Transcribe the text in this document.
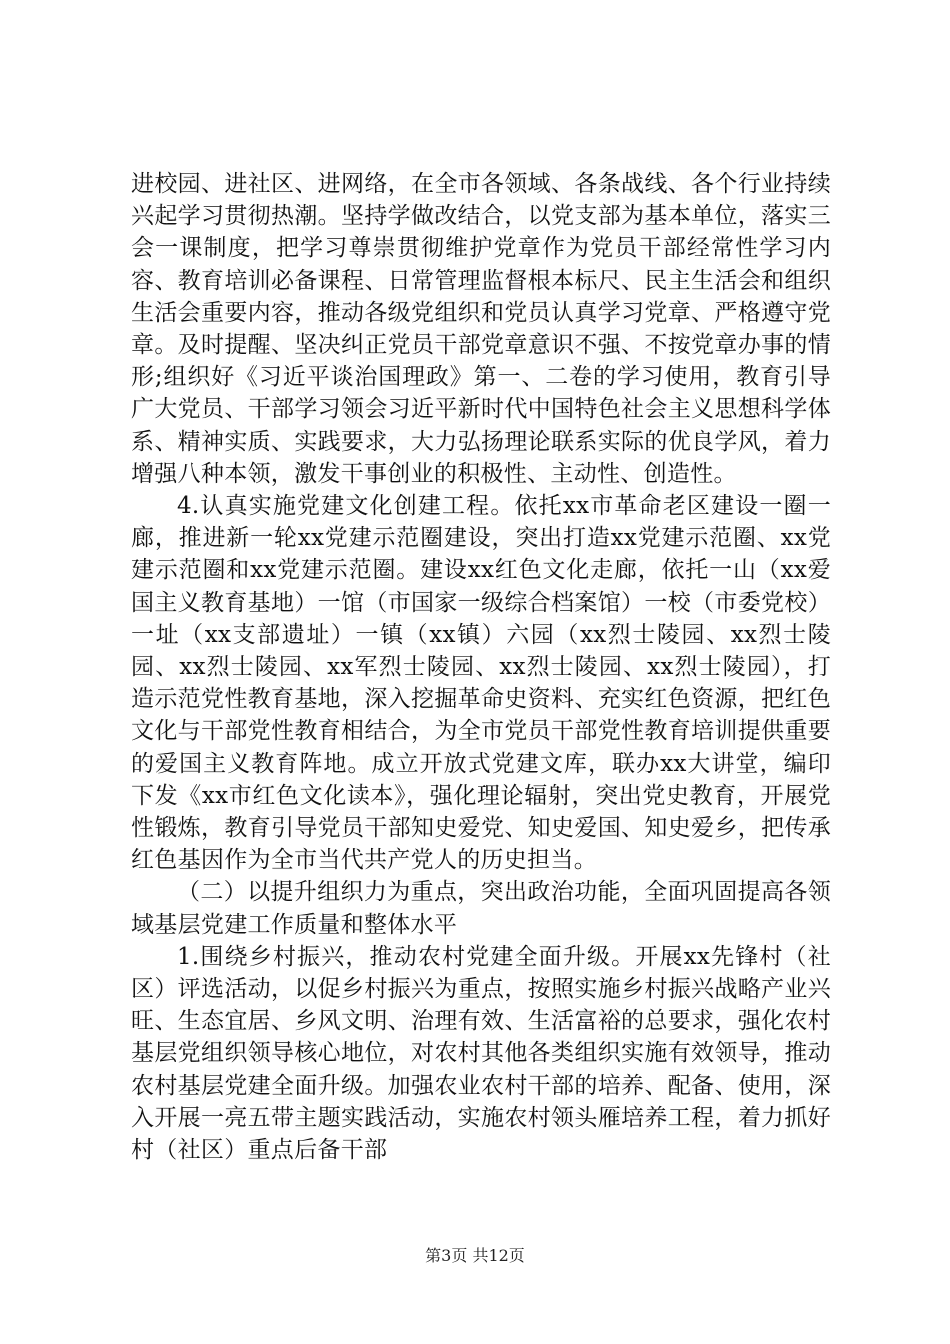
进校园、进社区、进网络，在全市各领域、各条战线、各个行业持续兴起学习贯彻热潮。坚持学做改结合，以党支部为基本单位，落实三会一课制度，把学习尊崇贯彻维护党章作为党员干部经常性学习内容、教育培训必备课程、日常管理监督根本标尺、民主生活会和组织生活会重要内容，推动各级党组织和党员认真学习党章、严格遵守党章。及时提醒、坚决纠正党员干部党章意识不强、不按党章办事的情形;组织好《习近平谈治国理政》第一、二卷的学习使用，教育引导广大党员、干部学习领会习近平新时代中国特色社会主义思想科学体系、精神实质、实践要求，大力弘扬理论联系实际的优良学风，着力增强八种本领，激发干事创业的积极性、主动性、创造性。

4.认真实施党建文化创建工程。依托xx市革命老区建设一圈一廊，推进新一轮xx党建示范圈建设，突出打造xx党建示范圈、xx党建示范圈和xx党建示范圈。建设xx红色文化走廊，依托一山（xx爱国主义教育基地）一馆（市国家一级综合档案馆）一校（市委党校）一址（xx支部遗址）一镇（xx镇）六园（xx烈士陵园、xx烈士陵园、xx烈士陵园、xx军烈士陵园、xx烈士陵园、xx烈士陵园），打造示范党性教育基地，深入挖掘革命史资料、充实红色资源，把红色文化与干部党性教育相结合，为全市党员干部党性教育培训提供重要的爱国主义教育阵地。成立开放式党建文库，联办xx大讲堂，编印下发《xx市红色文化读本》，强化理论辐射，突出党史教育，开展党性锻炼，教育引导党员干部知史爱党、知史爱国、知史爱乡，把传承红色基因作为全市当代共产党人的历史担当。

（二）以提升组织力为重点，突出政治功能，全面巩固提高各领域基层党建工作质量和整体水平

1.围绕乡村振兴，推动农村党建全面升级。开展xx先锋村（社区）评选活动，以促乡村振兴为重点，按照实施乡村振兴战略产业兴旺、生态宜居、乡风文明、治理有效、生活富裕的总要求，强化农村基层党组织领导核心地位，对农村其他各类组织实施有效领导，推动农村基层党建全面升级。加强农业农村干部的培养、配备、使用，深入开展一亮五带主题实践活动，实施农村领头雁培养工程，着力抓好村（社区）重点后备干部

第3页 共12页
